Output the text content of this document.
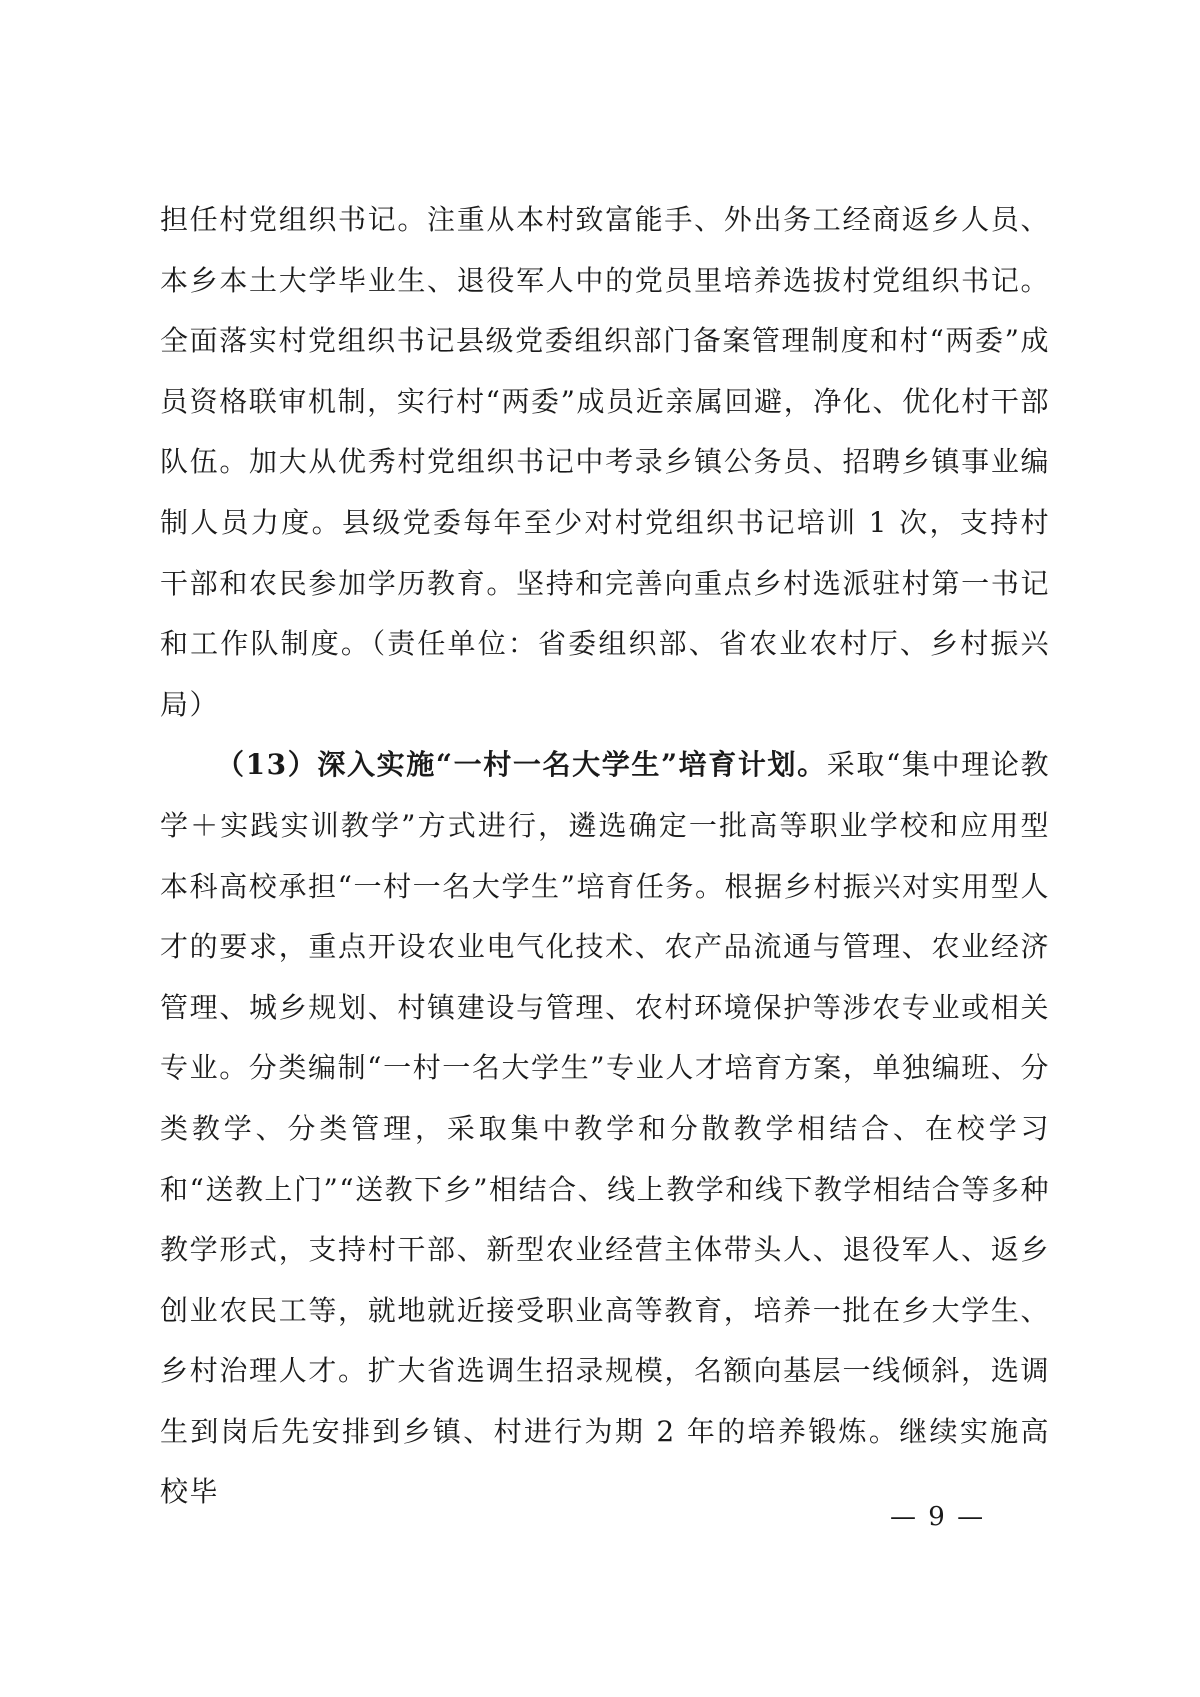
担任村党组织书记。注重从本村致富能手、外出务工经商返乡人员、本乡本土大学毕业生、退役军人中的党员里培养选拔村党组织书记。全面落实村党组织书记县级党委组织部门备案管理制度和村“两委”成员资格联审机制，实行村“两委”成员近亲属回避，净化、优化村干部队伍。加大从优秀村党组织书记中考录乡镇公务员、招聘乡镇事业编制人员力度。县级党委每年至少对村党组织书记培训 1 次，支持村干部和农民参加学历教育。坚持和完善向重点乡村选派驻村第一书记和工作队制度。（责任单位：省委组织部、省农业农村厅、乡村振兴局）

（13）深入实施“一村一名大学生”培育计划。采取“集中理论教学＋实践实训教学”方式进行，遴选确定一批高等职业学校和应用型本科高校承担“一村一名大学生”培育任务。根据乡村振兴对实用型人才的要求，重点开设农业电气化技术、农产品流通与管理、农业经济管理、城乡规划、村镇建设与管理、农村环境保护等涉农专业或相关专业。分类编制“一村一名大学生”专业人才培育方案，单独编班、分类教学、分类管理，采取集中教学和分散教学相结合、在校学习和“送教上门”“送教下乡”相结合、线上教学和线下教学相结合等多种教学形式，支持村干部、新型农业经营主体带头人、退役军人、返乡创业农民工等，就地就近接受职业高等教育，培养一批在乡大学生、乡村治理人才。扩大省选调生招录规模，名额向基层一线倾斜，选调生到岗后先安排到乡镇、村进行为期 2 年的培养锻炼。继续实施高校毕

— 9 —
